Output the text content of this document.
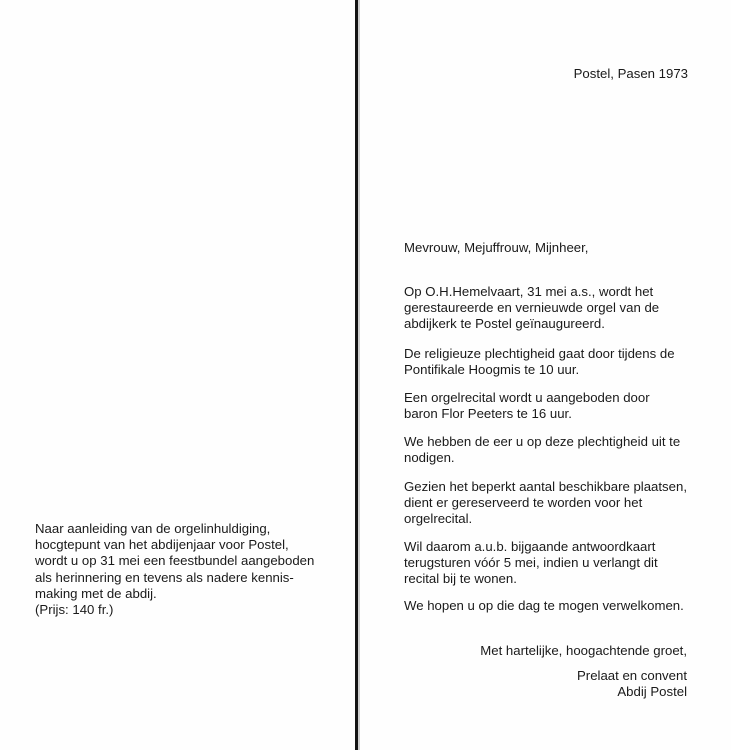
Naar aanleiding van de orgelinhuldiging,
hocgtepunt van het abdijenjaar voor Postel,
wordt u op 31 mei een feestbundel aangeboden
als herinnering en tevens als nadere kennis-
making met de abdij.
(Prijs: 140 fr.)
Postel, Pasen 1973
Mevrouw, Mejuffrouw, Mijnheer,
Op O.H.Hemelvaart, 31 mei a.s., wordt het
gerestaureerde en vernieuwde orgel van de
abdijkerk te Postel geïnaugureerd.
De religieuze plechtigheid gaat door tijdens de
Pontifikale Hoogmis te 10 uur.
Een orgelrecital wordt u aangeboden door
baron Flor Peeters te 16 uur.
We hebben de eer u op deze plechtigheid uit te
nodigen.
Gezien het beperkt aantal beschikbare plaatsen,
dient er gereserveerd te worden voor het
orgelrecital.
Wil daarom a.u.b. bijgaande antwoordkaart
terugsturen vóór 5 mei, indien u verlangt dit
recital bij te wonen.
We hopen u op die dag te mogen verwelkomen.
Met hartelijke, hoogachtende groet,
Prelaat en convent
Abdij Postel
